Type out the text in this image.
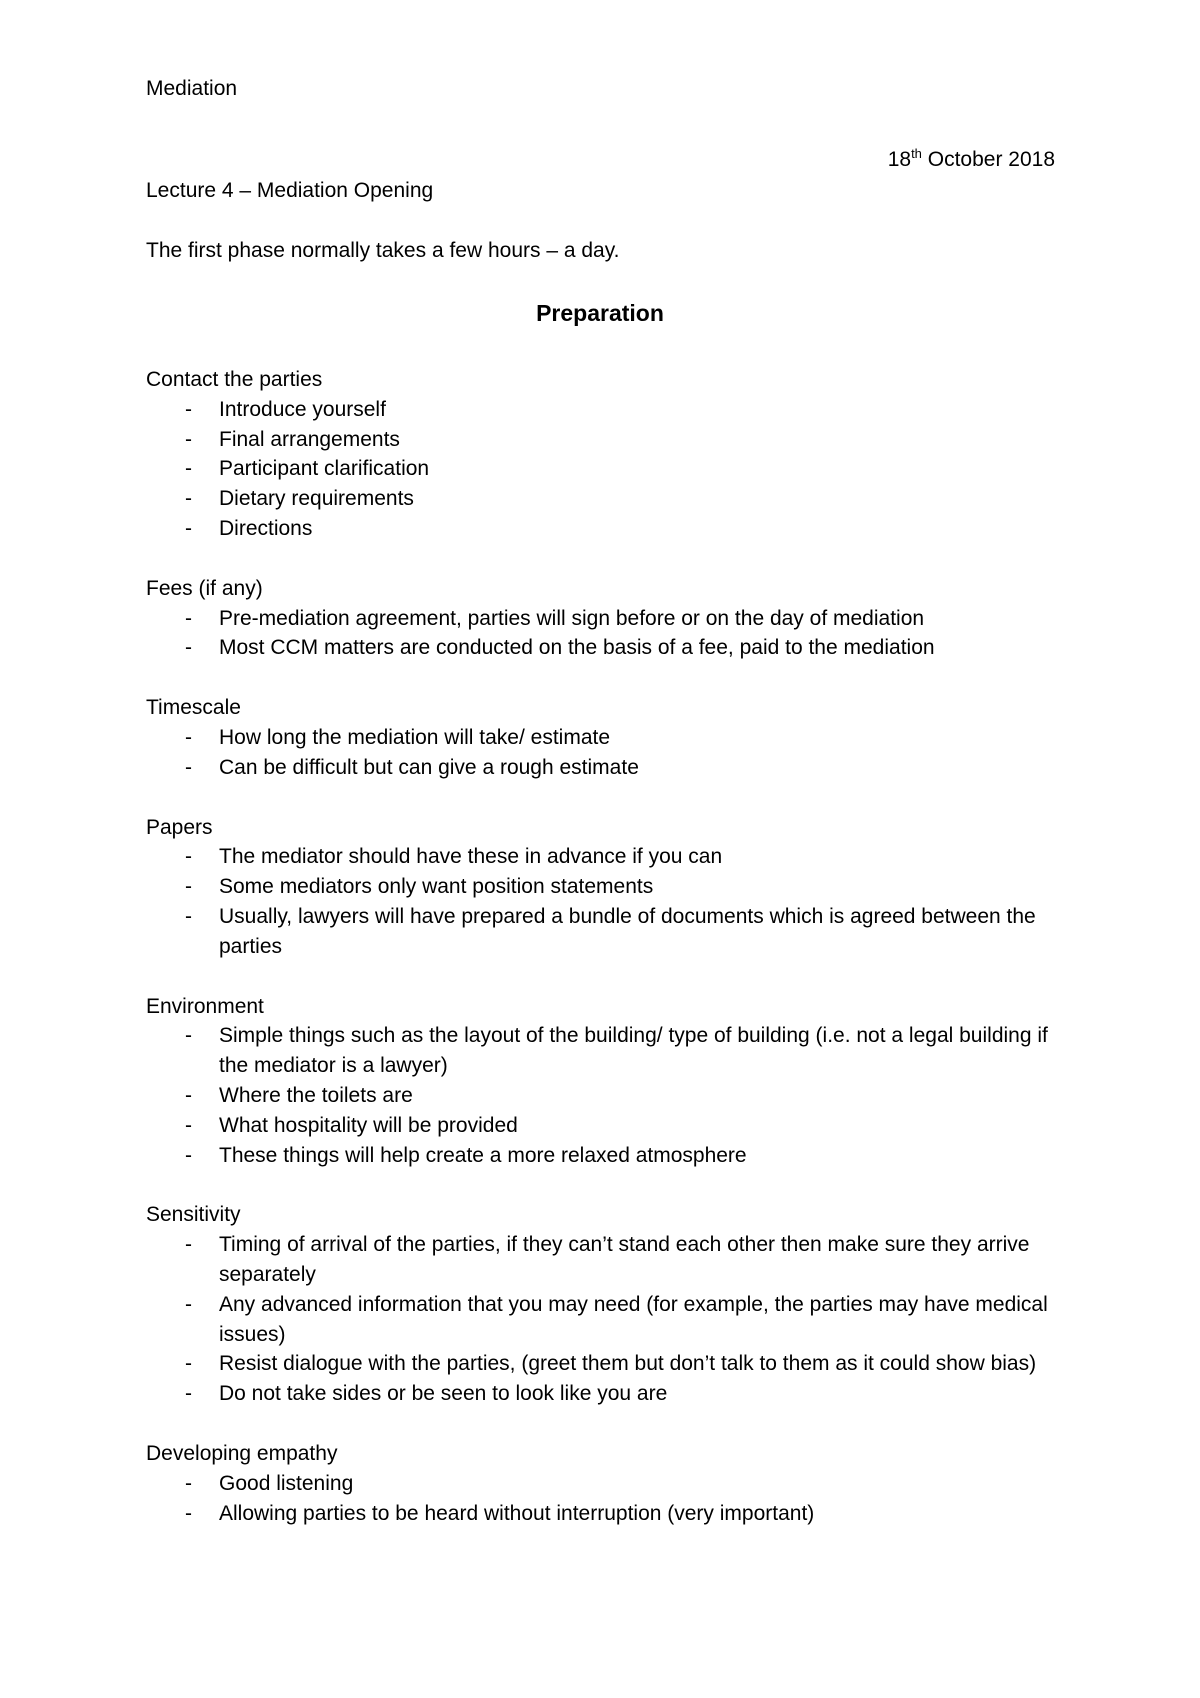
Mediation
18th October 2018
Lecture 4 – Mediation Opening
The first phase normally takes a few hours – a day.
Preparation
Contact the parties
- Introduce yourself
- Final arrangements
- Participant clarification
- Dietary requirements
- Directions
Fees (if any)
- Pre-mediation agreement, parties will sign before or on the day of mediation
- Most CCM matters are conducted on the basis of a fee, paid to the mediation
Timescale
- How long the mediation will take/ estimate
- Can be difficult but can give a rough estimate
Papers
- The mediator should have these in advance if you can
- Some mediators only want position statements
- Usually, lawyers will have prepared a bundle of documents which is agreed between the parties
Environment
- Simple things such as the layout of the building/ type of building (i.e. not a legal building if the mediator is a lawyer)
- Where the toilets are
- What hospitality will be provided
- These things will help create a more relaxed atmosphere
Sensitivity
- Timing of arrival of the parties, if they can’t stand each other then make sure they arrive separately
- Any advanced information that you may need (for example, the parties may have medical issues)
- Resist dialogue with the parties, (greet them but don’t talk to them as it could show bias)
- Do not take sides or be seen to look like you are
Developing empathy
- Good listening
- Allowing parties to be heard without interruption (very important)
